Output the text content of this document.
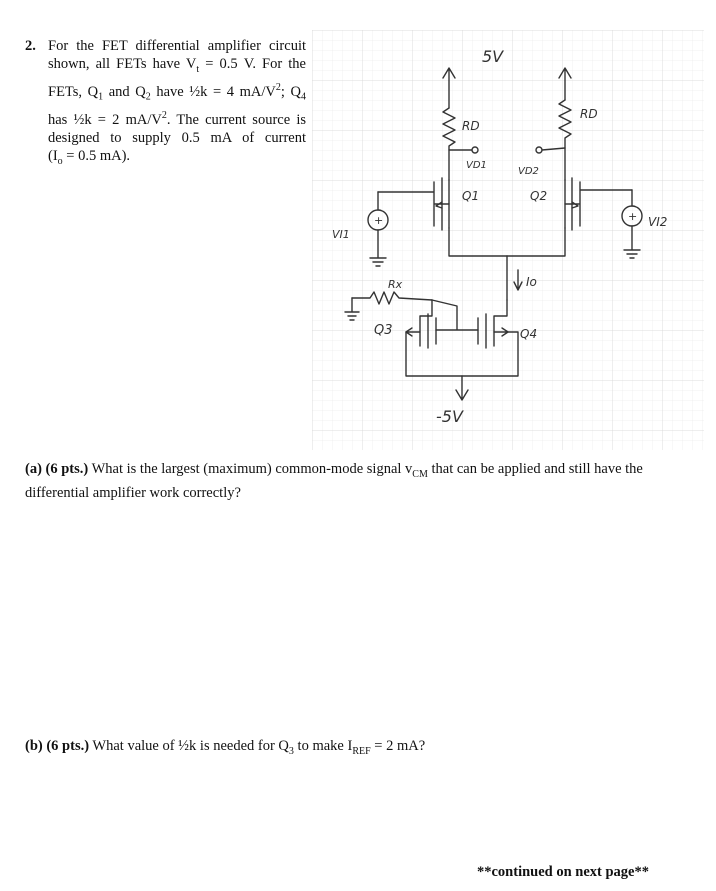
2. For the FET differential amplifier circuit shown, all FETs have $V_t = 0.5$ V. For the FETs, $Q_1$ and $Q_2$ have ½k = 4 $mA/V^2$; $Q_4$ has ½k = 2 $mA/V^2$. The current source is designed to supply 0.5 mA of current ($I_o = 0.5$ mA).
+	+
5V
RD
RD
VD1
VD2
Q1	Q2
VI1
VI2
Rx	Io
Q3	Q4
-5V
(a) (6 pts.) What is the largest (maximum) common-mode signal $v_{CM}$ that can be applied and still have the differential amplifier work correctly?
(b) (6 pts.) What value of ½k is needed for $Q_3$ to make $I_{REF} = 2$ mA?
**continued on next page**
